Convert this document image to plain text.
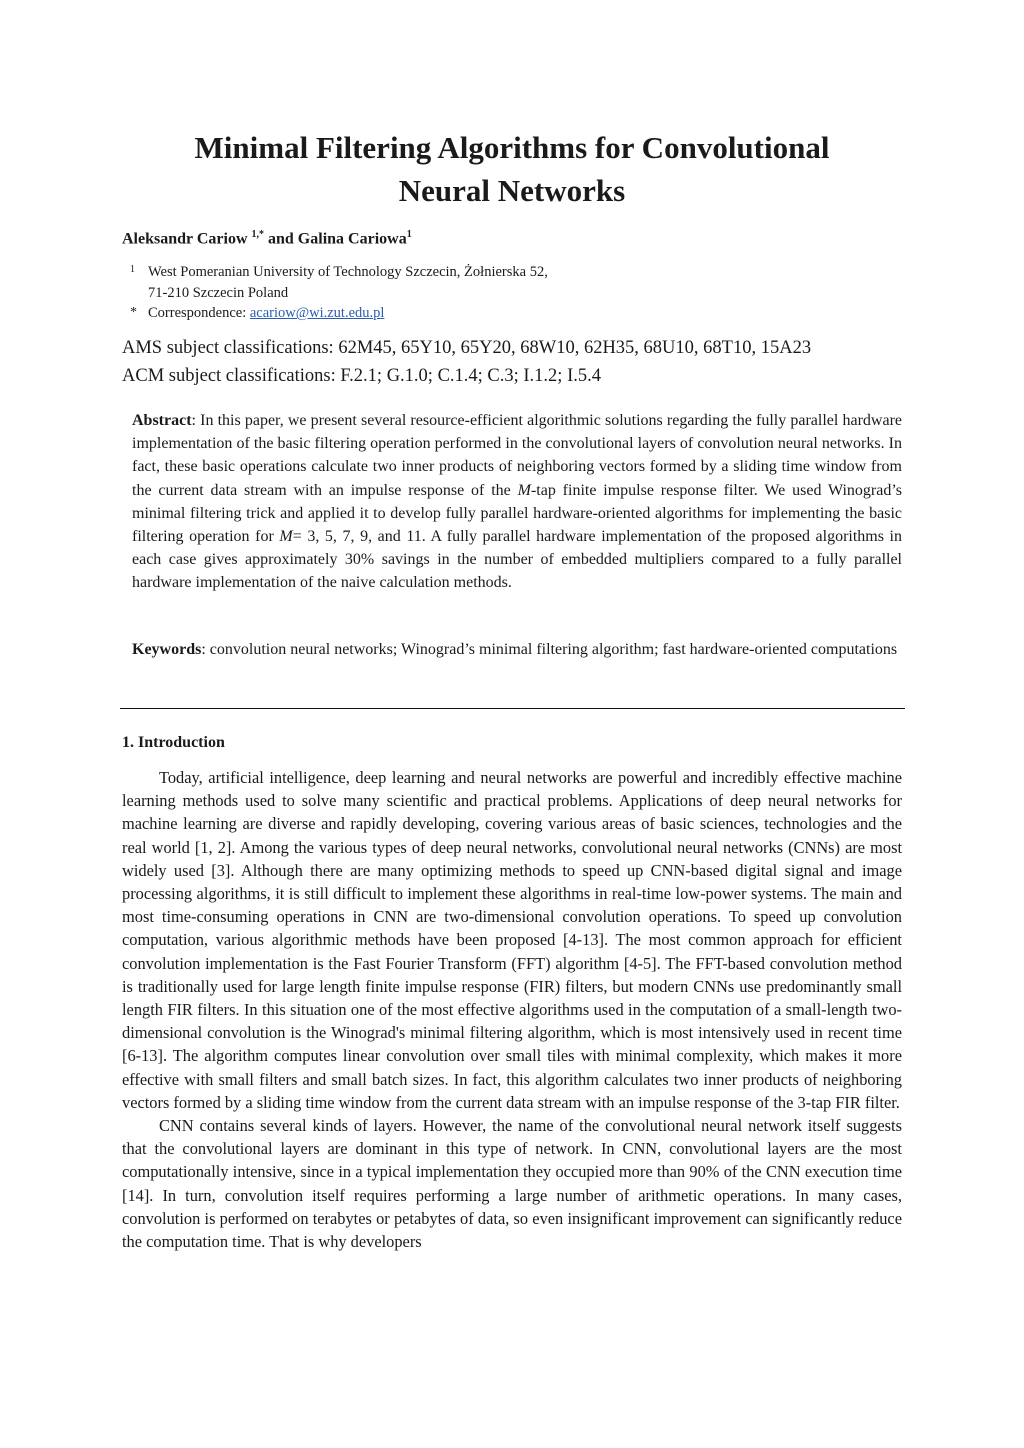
Minimal Filtering Algorithms for Convolutional
Neural Networks
Aleksandr Cariow $^{1,*}$ and Galina Cariowa$^1$
1 West Pomeranian University of Technology Szczecin, Żołnierska 52,
71-210 Szczecin Poland
* Correspondence: acariow@wi.zut.edu.pl
AMS subject classifications: 62M45, 65Y10, 65Y20, 68W10, 62H35, 68U10, 68T10, 15A23
ACM subject classifications: F.2.1; G.1.0; C.1.4; C.3; I.1.2; I.5.4
Abstract: In this paper, we present several resource-efficient algorithmic solutions regarding the fully parallel hardware implementation of the basic filtering operation performed in the convolutional layers of convolution neural networks. In fact, these basic operations calculate two inner products of neighboring vectors formed by a sliding time window from the current data stream with an impulse response of the M-tap finite impulse response filter. We used Winograd’s minimal filtering trick and applied it to develop fully parallel hardware-oriented algorithms for implementing the basic filtering operation for M= 3, 5, 7, 9, and 11. A fully parallel hardware implementation of the proposed algorithms in each case gives approximately 30% savings in the number of embedded multipliers compared to a fully parallel hardware implementation of the naive calculation methods.
Keywords: convolution neural networks; Winograd’s minimal filtering algorithm; fast hardware-oriented computations
1. Introduction

Today, artificial intelligence, deep learning and neural networks are powerful and incredibly effective machine learning methods used to solve many scientific and practical problems. Applications of deep neural networks for machine learning are diverse and rapidly developing, covering various areas of basic sciences, technologies and the real world [1, 2]. Among the various types of deep neural networks, convolutional neural networks (CNNs) are most widely used [3]. Although there are many optimizing methods to speed up CNN-based digital signal and image processing algorithms, it is still difficult to implement these algorithms in real-time low-power systems. The main and most time-consuming operations in CNN are two-dimensional convolution operations. To speed up convolution computation, various algorithmic methods have been proposed [4-13]. The most common approach for efficient convolution implementation is the Fast Fourier Transform (FFT) algorithm [4-5]. The FFT-based convolution method is traditionally used for large length finite impulse response (FIR) filters, but modern CNNs use predominantly small length FIR filters. In this situation one of the most effective algorithms used in the computation of a small-length two-dimensional convolution is the Winograd's minimal filtering algorithm, which is most intensively used in recent time [6-13]. The algorithm computes linear convolution over small tiles with minimal complexity, which makes it more effective with small filters and small batch sizes. In fact, this algorithm calculates two inner products of neighboring vectors formed by a sliding time window from the current data stream with an impulse response of the 3-tap FIR filter.

CNN contains several kinds of layers. However, the name of the convolutional neural network itself suggests that the convolutional layers are dominant in this type of network. In CNN, convolutional layers are the most computationally intensive, since in a typical implementation they occupied more than 90% of the CNN execution time [14]. In turn, convolution itself requires performing a large number of arithmetic operations. In many cases, convolution is performed on terabytes or petabytes of data, so even insignificant improvement can significantly reduce the computation time. That is why developers
